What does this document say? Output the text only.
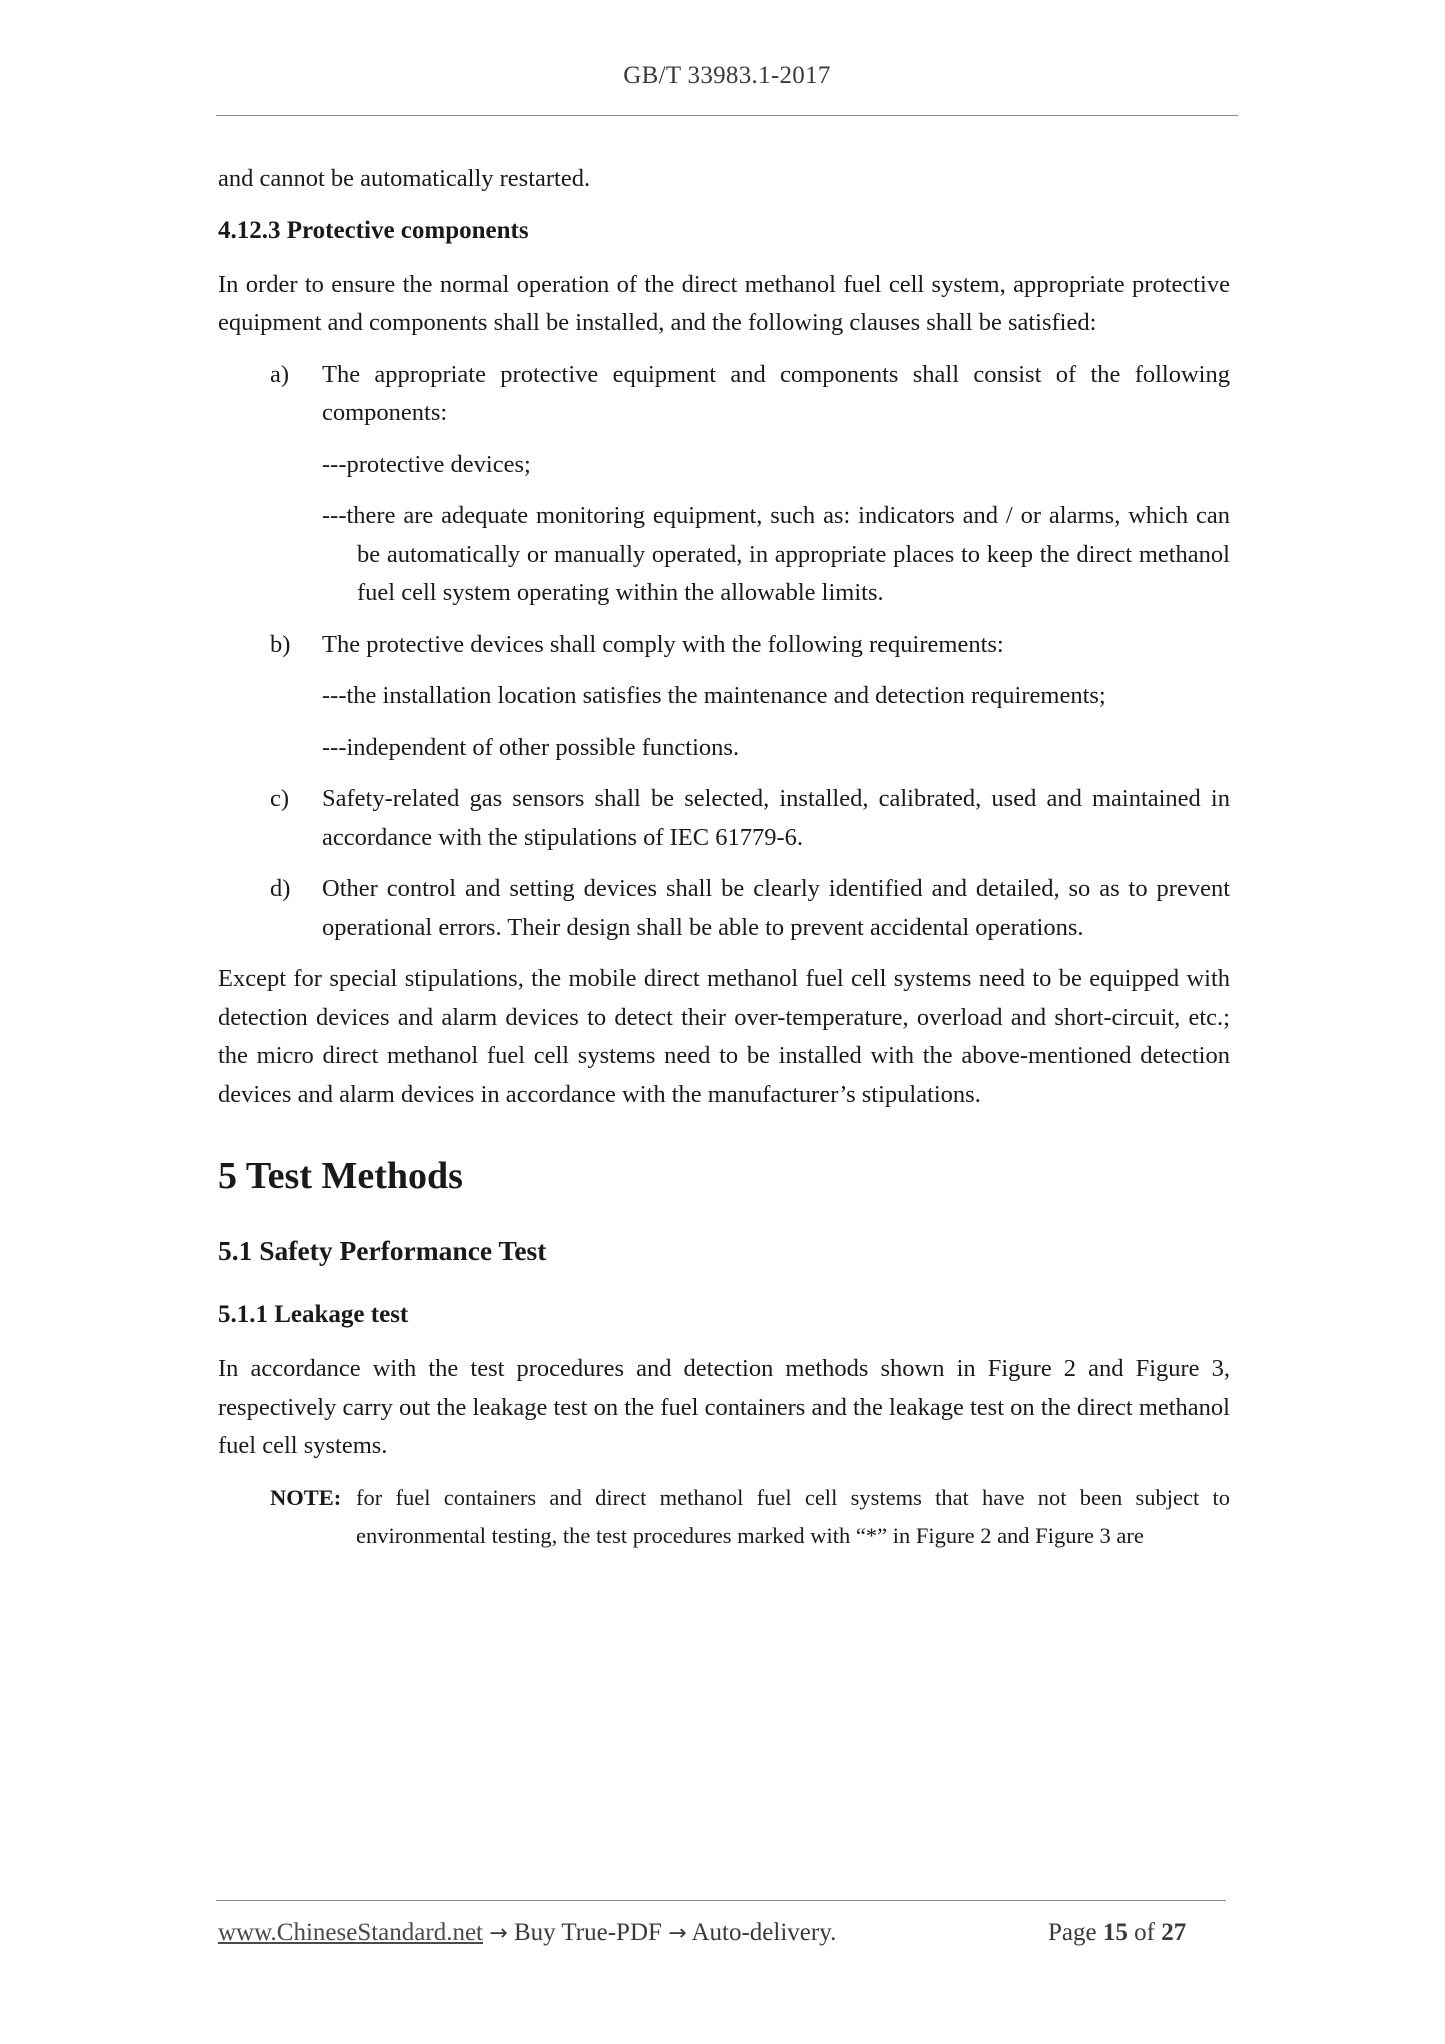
GB/T 33983.1-2017

and cannot be automatically restarted.

4.12.3 Protective components

In order to ensure the normal operation of the direct methanol fuel cell system, appropriate protective equipment and components shall be installed, and the following clauses shall be satisfied:

a) The appropriate protective equipment and components shall consist of the following components:

---protective devices;

---there are adequate monitoring equipment, such as: indicators and / or alarms, which can be automatically or manually operated, in appropriate places to keep the direct methanol fuel cell system operating within the allowable limits.

b) The protective devices shall comply with the following requirements:

---the installation location satisfies the maintenance and detection requirements;

---independent of other possible functions.

c) Safety-related gas sensors shall be selected, installed, calibrated, used and maintained in accordance with the stipulations of IEC 61779-6.
d) Other control and setting devices shall be clearly identified and detailed, so as to prevent operational errors. Their design shall be able to prevent accidental operations.

Except for special stipulations, the mobile direct methanol fuel cell systems need to be equipped with detection devices and alarm devices to detect their over-temperature, overload and short-circuit, etc.; the micro direct methanol fuel cell systems need to be installed with the above-mentioned detection devices and alarm devices in accordance with the manufacturer’s stipulations.

5 Test Methods

5.1 Safety Performance Test

5.1.1 Leakage test

In accordance with the test procedures and detection methods shown in Figure 2 and Figure 3, respectively carry out the leakage test on the fuel containers and the leakage test on the direct methanol fuel cell systems.

NOTE: for fuel containers and direct methanol fuel cell systems that have not been subject to environmental testing, the test procedures marked with “*” in Figure 2 and Figure 3 are
www.ChineseStandard.net → Buy True-PDF → Auto-delivery.	Page 15 of 27
